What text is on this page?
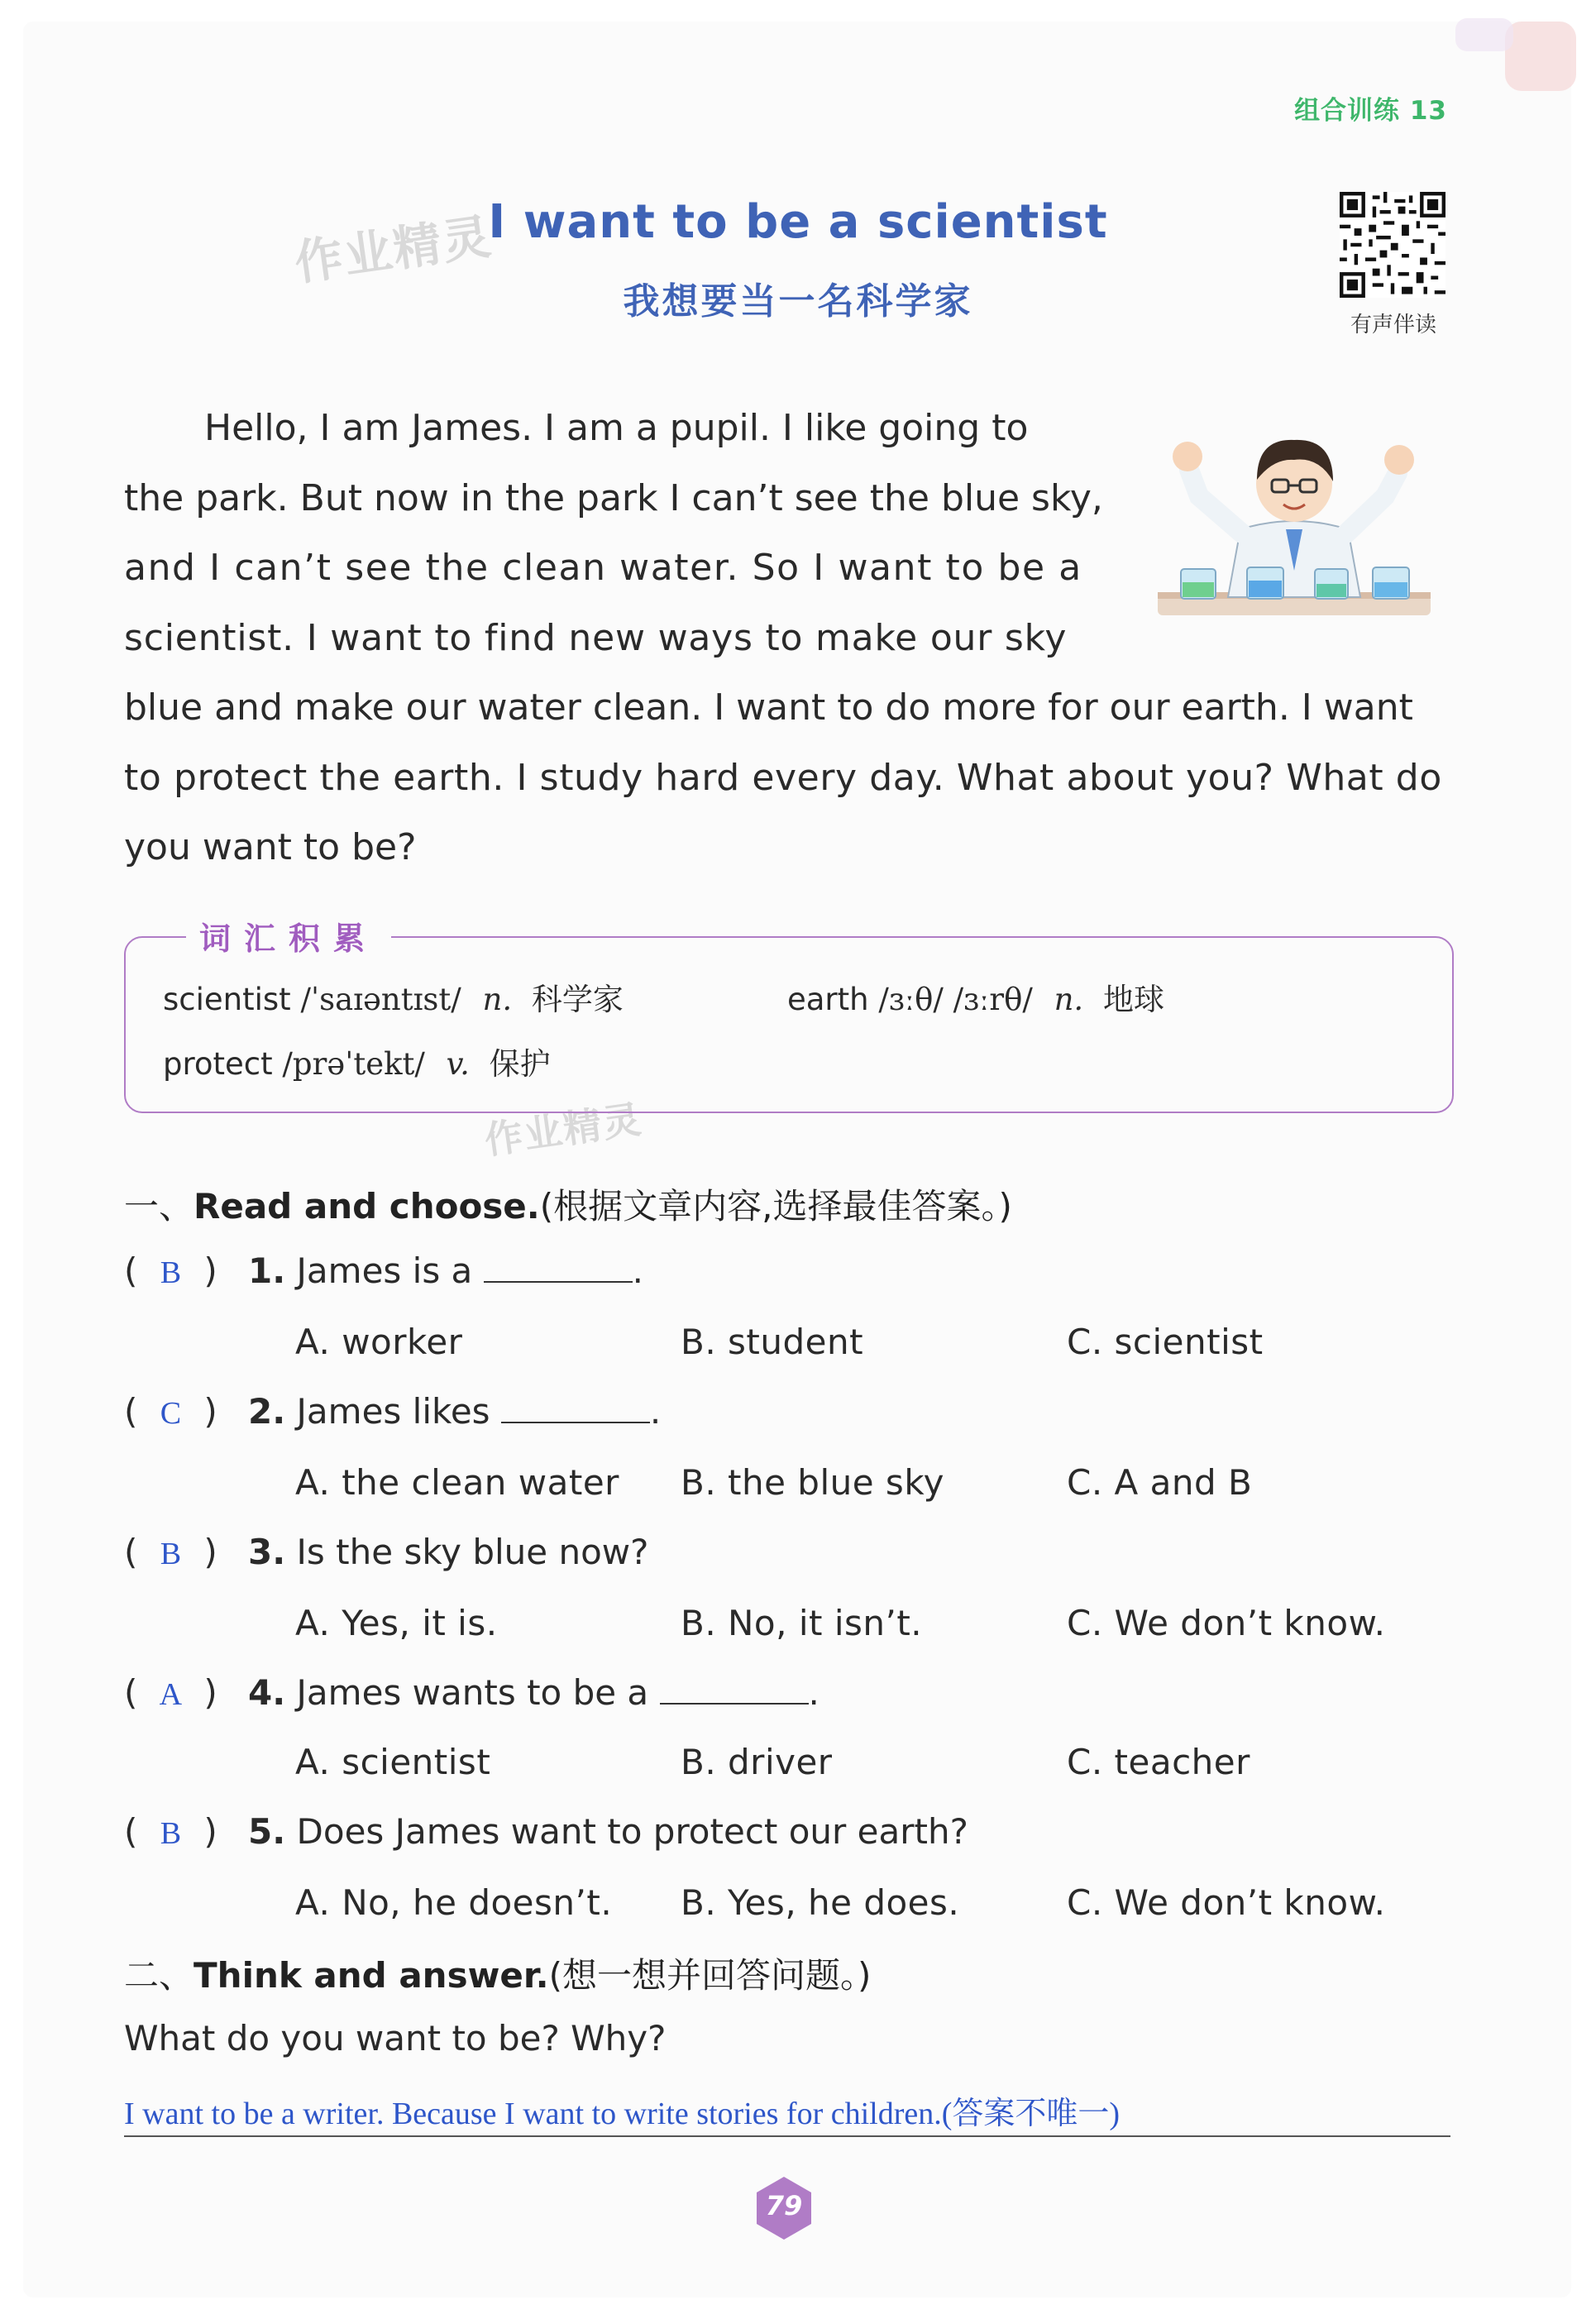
组合训练 13
作业精灵
作业精灵
I want to be a scientist
我想要当一名科学家
有声伴读
Hello, I am James. I am a pupil. I like going to
the park. But now in the park I can’t see the blue sky,
and I can’t see the clean water. So I want to be a
scientist. I want to find new ways to make our sky
blue and make our water clean. I want to do more for our earth. I want
to protect the earth. I study hard every day. What about you? What do
you want to be?
词汇积累
scientist /ˈsaɪəntɪst/ n. 科学家	earth /ɜːθ/ /ɜːrθ/ n. 地球
protect /prəˈtekt/ v. 保护
一、Read and choose.(根据文章内容,选择最佳答案。)
( B ) 1. James is a	.
A. worker	B. student	C. scientist
( C ) 2. James likes	.
A. the clean water B. the blue sky	C. A and B
( B ) 3. Is the sky blue now?
A. Yes, it is.	B. No, it isn’t.	C. We don’t know.
( A ) 4. James wants to be a	.
A. scientist	B. driver	C. teacher
( B ) 5. Does James want to protect our earth?
A. No, he doesn’t. B. Yes, he does.	C. We don’t know.
二、Think and answer.(想一想并回答问题。)
What do you want to be? Why?
I want to be a writer. Because I want to write stories for children.(答案不唯一)
79
